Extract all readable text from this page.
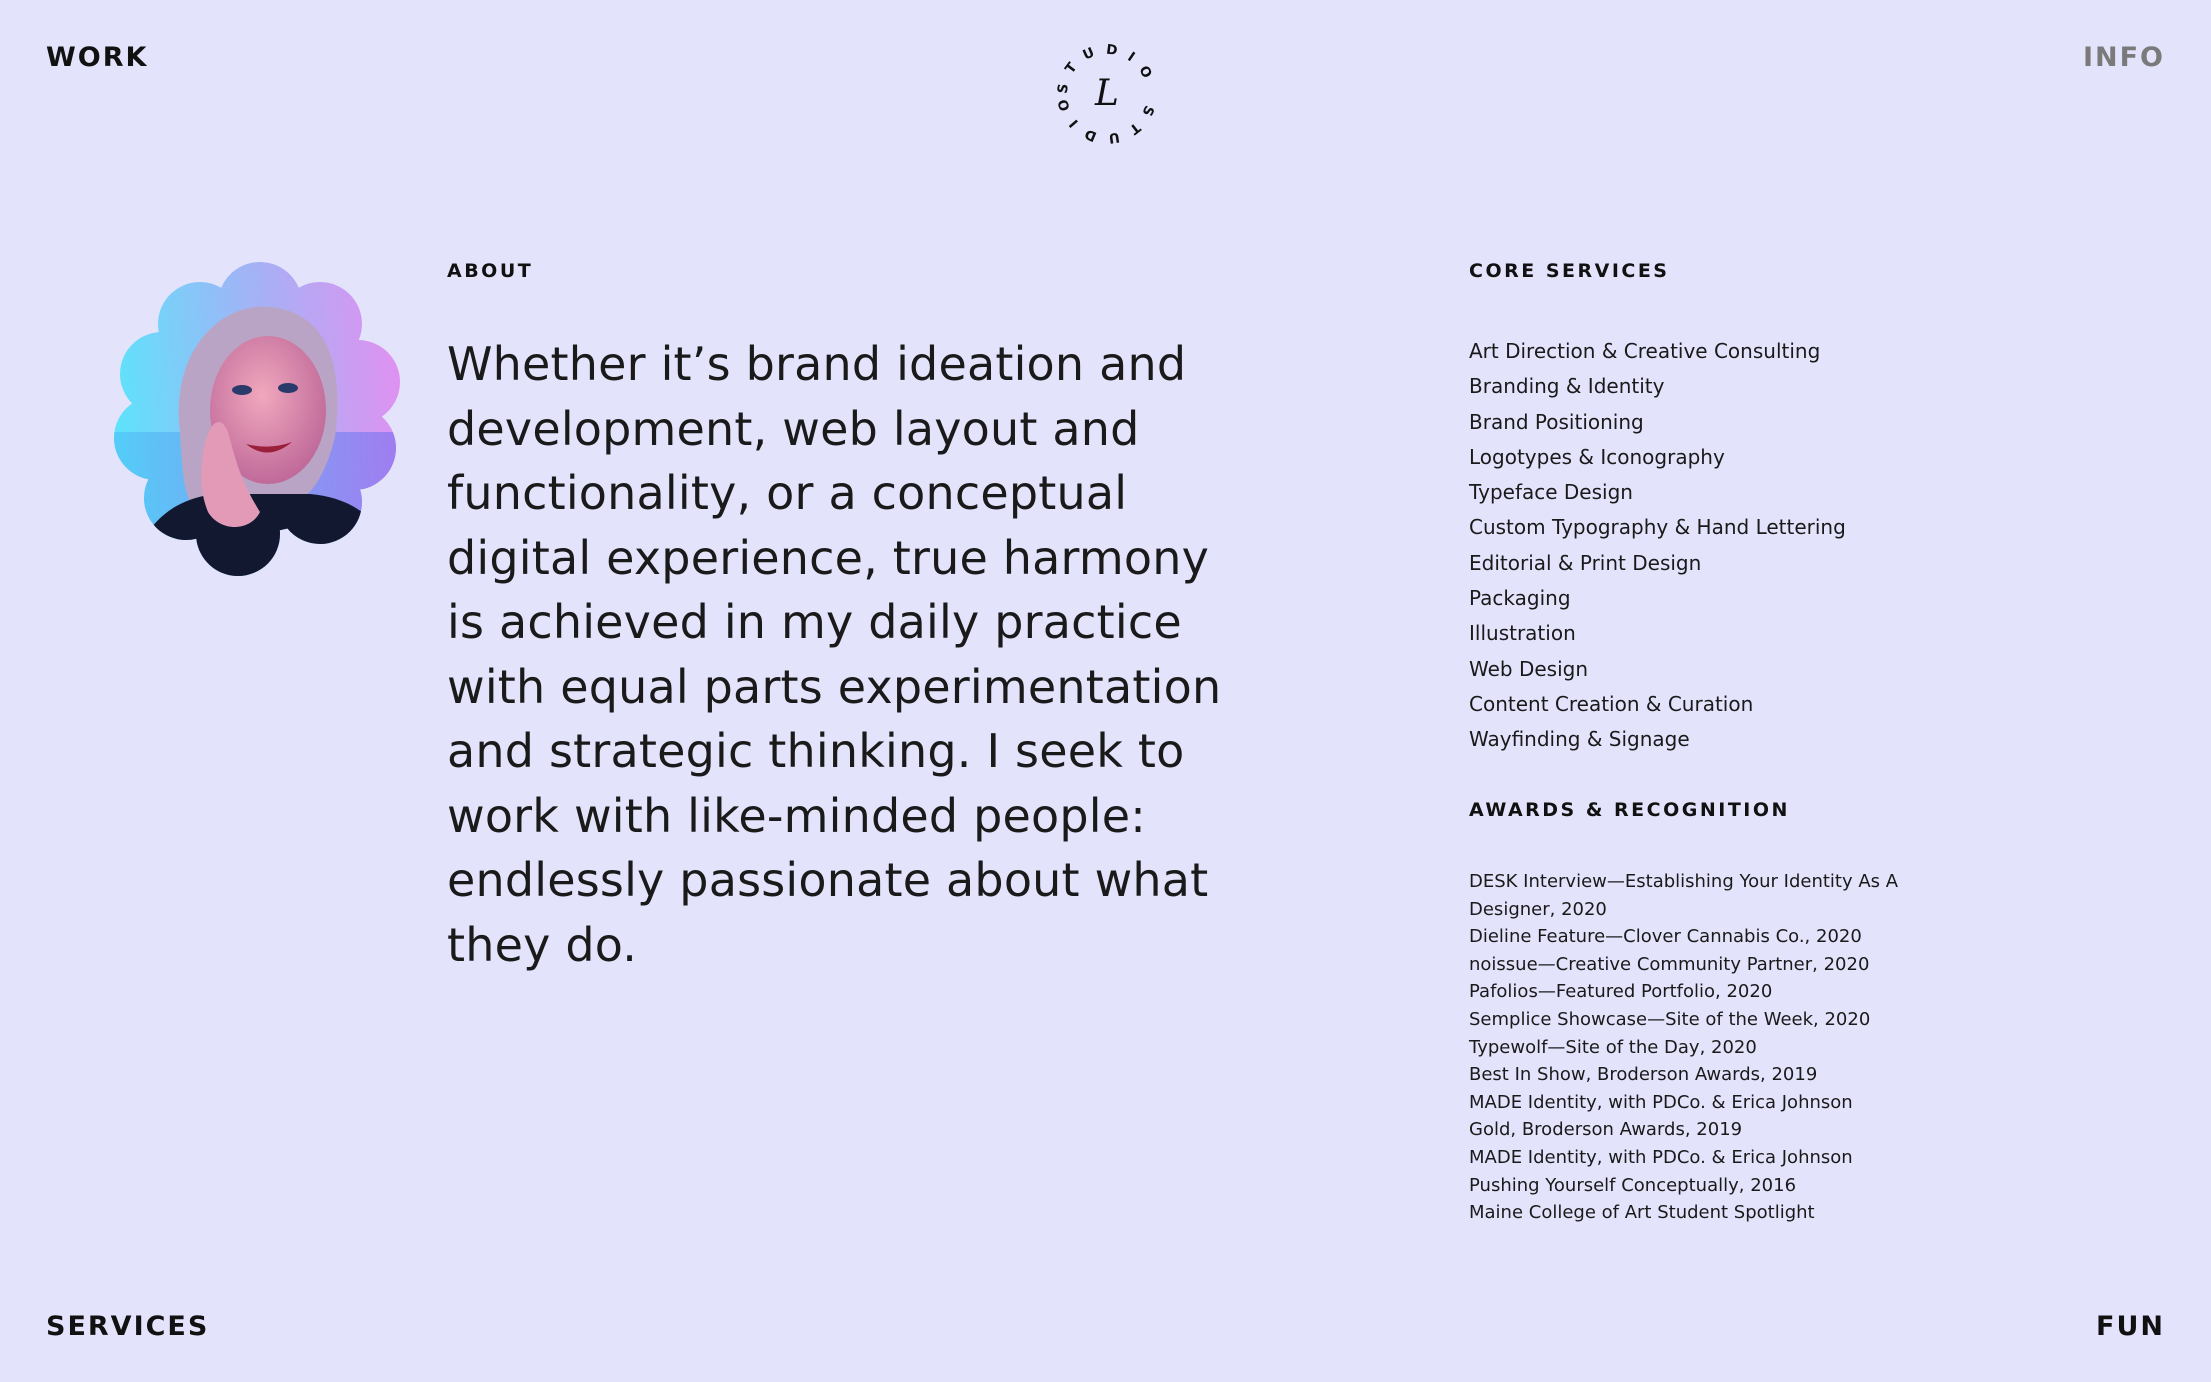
WORK	INFO
SERVICES	FUN
STUDIO STUDIO L
ABOUT

Whether it’s brand ideation and development, web layout and functionality, or a conceptual digital experience, true harmony is achieved in my daily practice with equal parts experimentation and strategic thinking. I seek to work with like-minded people: endlessly passionate about what they do.

CORE SERVICES
Art Direction & Creative Consulting
Branding & Identity
Brand Positioning
Logotypes & Iconography
Typeface Design
Custom Typography & Hand Lettering
Editorial & Print Design
Packaging
Illustration
Web Design
Content Creation & Curation
Wayfinding & Signage
AWARDS & RECOGNITION
DESK Interview—Establishing Your Identity As A Designer, 2020
Dieline Feature—Clover Cannabis Co., 2020
noissue—Creative Community Partner, 2020
Pafolios—Featured Portfolio, 2020
Semplice Showcase—Site of the Week, 2020
Typewolf—Site of the Day, 2020
Best In Show, Broderson Awards, 2019
MADE Identity, with PDCo. & Erica Johnson
Gold, Broderson Awards, 2019
MADE Identity, with PDCo. & Erica Johnson
Pushing Yourself Conceptually, 2016
Maine College of Art Student Spotlight
